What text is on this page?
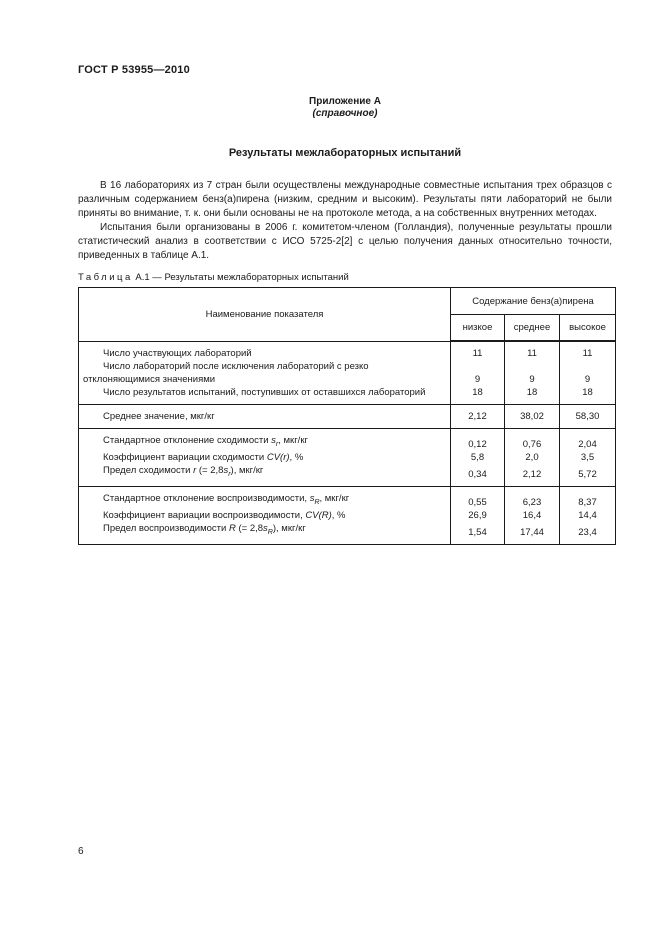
ГОСТ Р 53955—2010
Приложение А
(справочное)
Результаты межлабораторных испытаний

В 16 лабораториях из 7 стран были осуществлены международные совместные испытания трех образцов с различным содержанием бенз(а)пирена (низким, средним и высоким). Результаты пяти лабораторий не были приняты во внимание, т. к. они были основаны не на протоколе метода, а на собственных внутренних методах.

Испытания были организованы в 2006 г. комитетом-членом (Голландия), полученные результаты прошли статистический анализ в соответствии с ИСО 5725-2[2] с целью получения данных относительно точности, приведенных в таблице А.1.

Таблица А.1 — Результаты межлабораторных испытаний
Наименование показателя	Содержание бенз(а)пирена		
	низкое	среднее	высокое
Число участвующих лабораторий	11	11	11
Число лабораторий после исключения лабораторий с резко отклоняющимися значениями	9	9	9
Число результатов испытаний, поступивших от оставшихся лабораторий	18	18	18
Среднее значение, мкг/кг	2,12	38,02	58,30
Стандартное отклонение сходимости $s_r$, мкг/кг	0,12	0,76	2,04
Коэффициент вариации сходимости CV(r), %	5,8	2,0	3,5
Предел сходимости r (= $2,8s_r$), мкг/кг	0,34	2,12	5,72
Стандартное отклонение воспроизводимости, $s_R$, мкг/кг	0,55	6,23	8,37
Коэффициент вариации воспроизводимости, CV(R), %	26,9	16,4	14,4
Предел воспроизводимости R (= $2,8s_R$), мкг/кг	1,54	17,44	23,4
6
